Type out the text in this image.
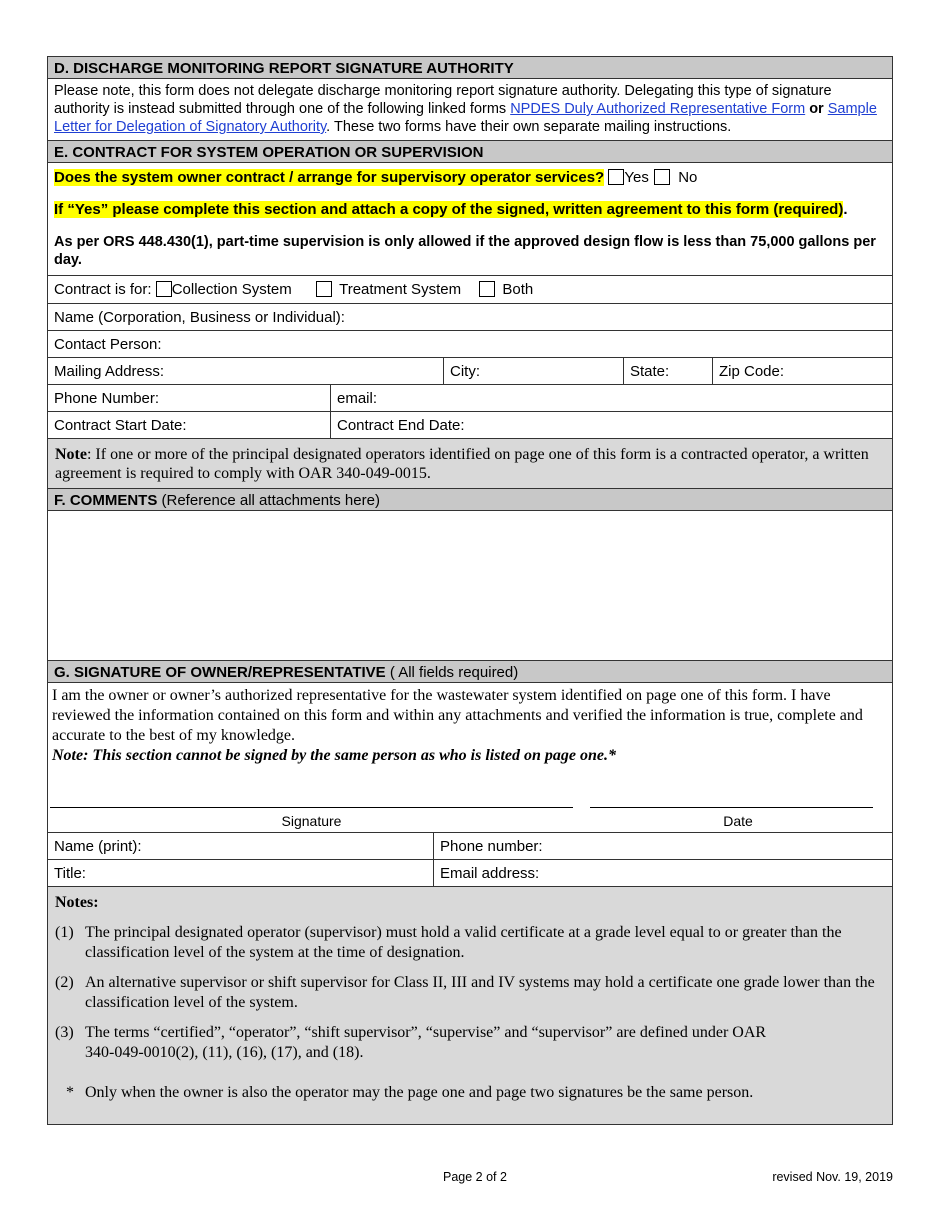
D. DISCHARGE MONITORING REPORT SIGNATURE AUTHORITY
Please note, this form does not delegate discharge monitoring report signature authority. Delegating this type of signature authority is instead submitted through one of the following linked forms NPDES Duly Authorized Representative Form or Sample Letter for Delegation of Signatory Authority. These two forms have their own separate mailing instructions.
E. CONTRACT FOR SYSTEM OPERATION OR SUPERVISION
Does the system owner contract / arrange for supervisory operator services? Yes No
If “Yes” please complete this section and attach a copy of the signed, written agreement to this form (required).
As per ORS 448.430(1), part-time supervision is only allowed if the approved design flow is less than 75,000 gallons per day.
Contract is for: Collection System	Treatment System	Both
Name (Corporation, Business or Individual):
Contact Person:
Mailing Address:	City:	State:	Zip Code:
Phone Number:	email:
Contract Start Date:	Contract End Date:
Note: If one or more of the principal designated operators identified on page one of this form is a contracted operator, a written agreement is required to comply with OAR 340-049-0015.
F. COMMENTS (Reference all attachments here)
G. SIGNATURE OF OWNER/REPRESENTATIVE ( All fields required)
I am the owner or owner’s authorized representative for the wastewater system identified on page one of this form. I have reviewed the information contained on this form and within any attachments and verified the information is true, complete and accurate to the best of my knowledge.
Note: This section cannot be signed by the same person as who is listed on page one.*
Signature	Date
Name (print):	Phone number:
Title:	Email address:
Notes:
(1) The principal designated operator (supervisor) must hold a valid certificate at a grade level equal to or greater than the classification level of the system at the time of designation.
(2) An alternative supervisor or shift supervisor for Class II, III and IV systems may hold a certificate one grade lower than the classification level of the system.
(3) The terms “certified”, “operator”, “shift supervisor”, “supervise” and “supervisor” are defined under OAR 340-049-0010(2), (11), (16), (17), and (18).
* Only when the owner is also the operator may the page one and page two signatures be the same person.
Page 2 of 2	revised Nov. 19, 2019
